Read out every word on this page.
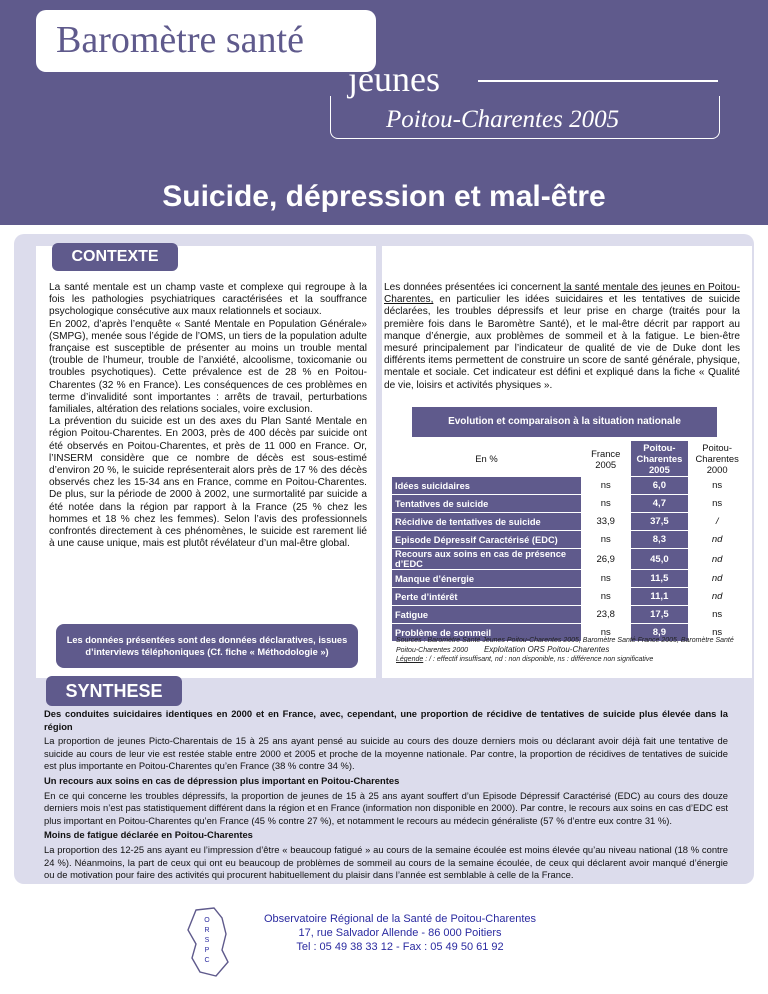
Baromètre santé
jeunes
Poitou-Charentes 2005
Suicide, dépression et mal-être
CONTEXTE

La santé mentale est un champ vaste et complexe qui regroupe à la fois les pathologies psychiatriques caractérisées et la souffrance psychologique consécutive aux maux relationnels et sociaux.

En 2002, d’après l’enquête « Santé Mentale en Population Générale» (SMPG), menée sous l’égide de l’OMS, un tiers de la population adulte française est susceptible de présenter au moins un trouble mental (trouble de l’humeur, trouble de l’anxiété, alcoolisme, toxicomanie ou troubles psychotiques). Cette prévalence est de 28 % en Poitou-Charentes (32 % en France). Les conséquences de ces problèmes en terme d’invalidité sont importantes : arrêts de travail, perturbations familiales, altération des relations sociales, voire exclusion.

La prévention du suicide est un des axes du Plan Santé Mentale en région Poitou-Charentes. En 2003, près de 400 décès par suicide ont été observés en Poitou-Charentes, et près de 11 000 en France. Or, l’INSERM considère que ce nombre de décès est sous-estimé d’environ 20 %, le suicide représenterait alors près de 17 % des décès observés chez les 15-34 ans en France, comme en Poitou-Charentes. De plus, sur la période de 2000 à 2002, une surmortalité par suicide a été notée dans la région par rapport à la France (25 % chez les hommes et 18 % chez les femmes). Selon l’avis des professionnels confrontés directement à ces phénomènes, le suicide est rarement lié à une cause unique, mais est plutôt révélateur d’un mal-être global.

Les données présentées ici concernent la santé mentale des jeunes en Poitou-Charentes, en particulier les idées suicidaires et les tentatives de suicide déclarées, les troubles dépressifs et leur prise en charge (traités pour la première fois dans le Baromètre Santé), et le mal-être décrit par rapport au manque d’énergie, aux problèmes de sommeil et à la fatigue. Le bien-être mesuré principalement par l’indicateur de qualité de vie de Duke dont les différents items permettent de construire un score de santé générale, physique, mentale et sociale. Cet indicateur est défini et expliqué dans la fiche « Qualité de vie, loisirs et activités physiques ».

Les données présentées sont des données déclaratives, issues d’interviews téléphoniques (Cf. fiche « Méthodologie »)
Evolution et comparaison à la situation nationale
En %	France 2005	Poitou-Charentes 2005	Poitou-Charentes 2000
Idées suicidaires	ns	6,0	ns
Tentatives de suicide	ns	4,7	ns
Récidive de tentatives de suicide	33,9	37,5	/
Episode Dépressif Caractérisé (EDC)	ns	8,3	nd
Recours aux soins en cas de présence d’EDC	26,9	45,0	nd
Manque d’énergie	ns	11,5	nd
Perte d’intérêt	ns	11,1	nd
Fatigue	23,8	17,5	ns
Problème de sommeil	ns	8,9	ns
Sources : Baromètre Santé Jeunes Poitou-Charentes 2005, Baromètre Santé France 2005, Baromètre Santé Poitou-Charentes 2000 Exploitation ORS Poitou-Charentes
Légende : / : effectif insuffisant, nd : non disponible, ns : différence non significative
SYNTHESE

Des conduites suicidaires identiques en 2000 et en France, avec, cependant, une proportion de récidive de tentatives de suicide plus élevée dans la région

La proportion de jeunes Picto-Charentais de 15 à 25 ans ayant pensé au suicide au cours des douze derniers mois ou déclarant avoir déjà fait une tentative de suicide au cours de leur vie est restée stable entre 2000 et 2005 et proche de la moyenne nationale. Par contre, la proportion de récidives de tentatives de suicide est plus importante en Poitou-Charentes qu’en France (38 % contre 34 %).

Un recours aux soins en cas de dépression plus important en Poitou-Charentes

En ce qui concerne les troubles dépressifs, la proportion de jeunes de 15 à 25 ans ayant souffert d’un Episode Dépressif Caractérisé (EDC) au cours des douze derniers mois n’est pas statistiquement différent dans la région et en France (information non disponible en 2000). Par contre, le recours aux soins en cas d’EDC est plus important en Poitou-Charentes qu’en France (45 % contre 27 %), et notamment le recours au médecin généraliste (57 % d’entre eux contre 31 %).

Moins de fatigue déclarée en Poitou-Charentes

La proportion des 12-25 ans ayant eu l’impression d’être « beaucoup fatigué » au cours de la semaine écoulée est moins élevée qu’au niveau national (18 % contre 24 %). Néanmoins, la part de ceux qui ont eu beaucoup de problèmes de sommeil au cours de la semaine écoulée, de ceux qui déclarent avoir manqué d’énergie ou de motivation pour faire des activités qui procurent habituellement du plaisir dans l’année est semblable à celle de la France.

O
R
S
P
C
Observatoire Régional de la Santé de Poitou-Charentes
17, rue Salvador Allende - 86 000 Poitiers
Tel : 05 49 38 33 12 - Fax : 05 49 50 61 92
